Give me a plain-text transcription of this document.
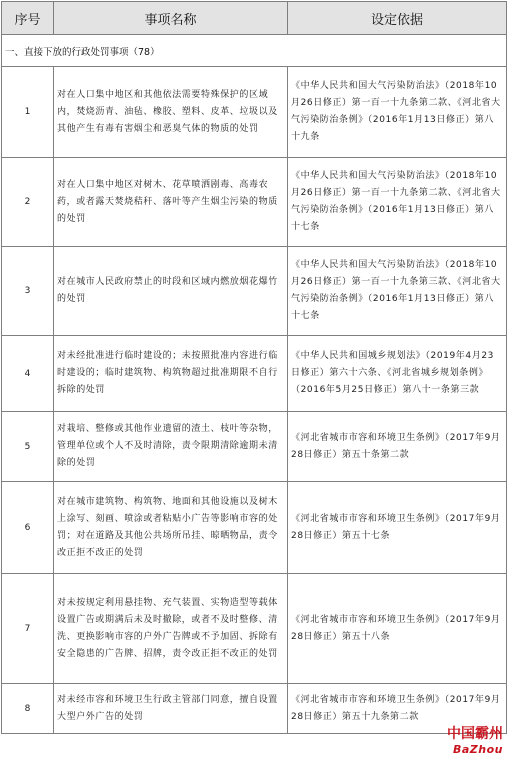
序号	事项名称	设定依据
一、直接下放的行政处罚事项（78）		
1	对在人口集中地区和其他依法需要特殊保护的区域内，焚烧沥青、油毡、橡胶、塑料、皮革、垃圾以及其他产生有毒有害烟尘和恶臭气体的物质的处罚	《中华人民共和国大气污染防治法》（2018年10月26日修正）第一百一十九条第二款、《河北省大气污染防治条例》（2016年1月13日修正）第八十九条
2	对在人口集中地区对树木、花草喷洒剧毒、高毒农药，或者露天焚烧秸秆、落叶等产生烟尘污染的物质的处罚	《中华人民共和国大气污染防治法》（2018年10月26日修正）第一百一十九条第二款、《河北省大气污染防治条例》（2016年1月13日修正）第八十七条
3	对在城市人民政府禁止的时段和区域内燃放烟花爆竹的处罚	《中华人民共和国大气污染防治法》（2018年10月26日修正）第一百一十九条第三款、《河北省大气污染防治条例》（2016年1月13日修正）第八十七条
4	对未经批准进行临时建设的；未按照批准内容进行临时建设的；临时建筑物、构筑物超过批准期限不自行拆除的处罚	《中华人民共和国城乡规划法》（2019年4月23日修正）第六十六条、《河北省城乡规划条例》（2016年5月25日修正）第八十一条第三款
5	对栽培、整修或其他作业遗留的渣土、枝叶等杂物，管理单位或个人不及时清除，责令限期清除逾期未清除的处罚	《河北省城市市容和环境卫生条例》（2017年9月28日修正）第五十条第二款
6	对在城市建筑物、构筑物、地面和其他设施以及树木上涂写、刻画、喷涂或者粘贴小广告等影响市容的处罚；对在道路及其他公共场所吊挂、晾晒物品，责令改正拒不改正的处罚	《河北省城市市容和环境卫生条例》（2017年9月28日修正）第五十七条
7	对未按规定利用悬挂物、充气装置、实物造型等载体设置广告或期满后未及时撤除，或者不及时整修、清洗、更换影响市容的户外广告牌或不予加固、拆除有安全隐患的广告牌、招牌，责令改正拒不改正的处罚	《河北省城市市容和环境卫生条例》（2017年9月28日修正）第五十八条
8	对未经市容和环境卫生行政主管部门同意，擅自设置大型户外广告的处罚	《河北省城市市容和环境卫生条例》（2017年9月28日修正）第五十九条第二款
中国霸州
BaZhou
